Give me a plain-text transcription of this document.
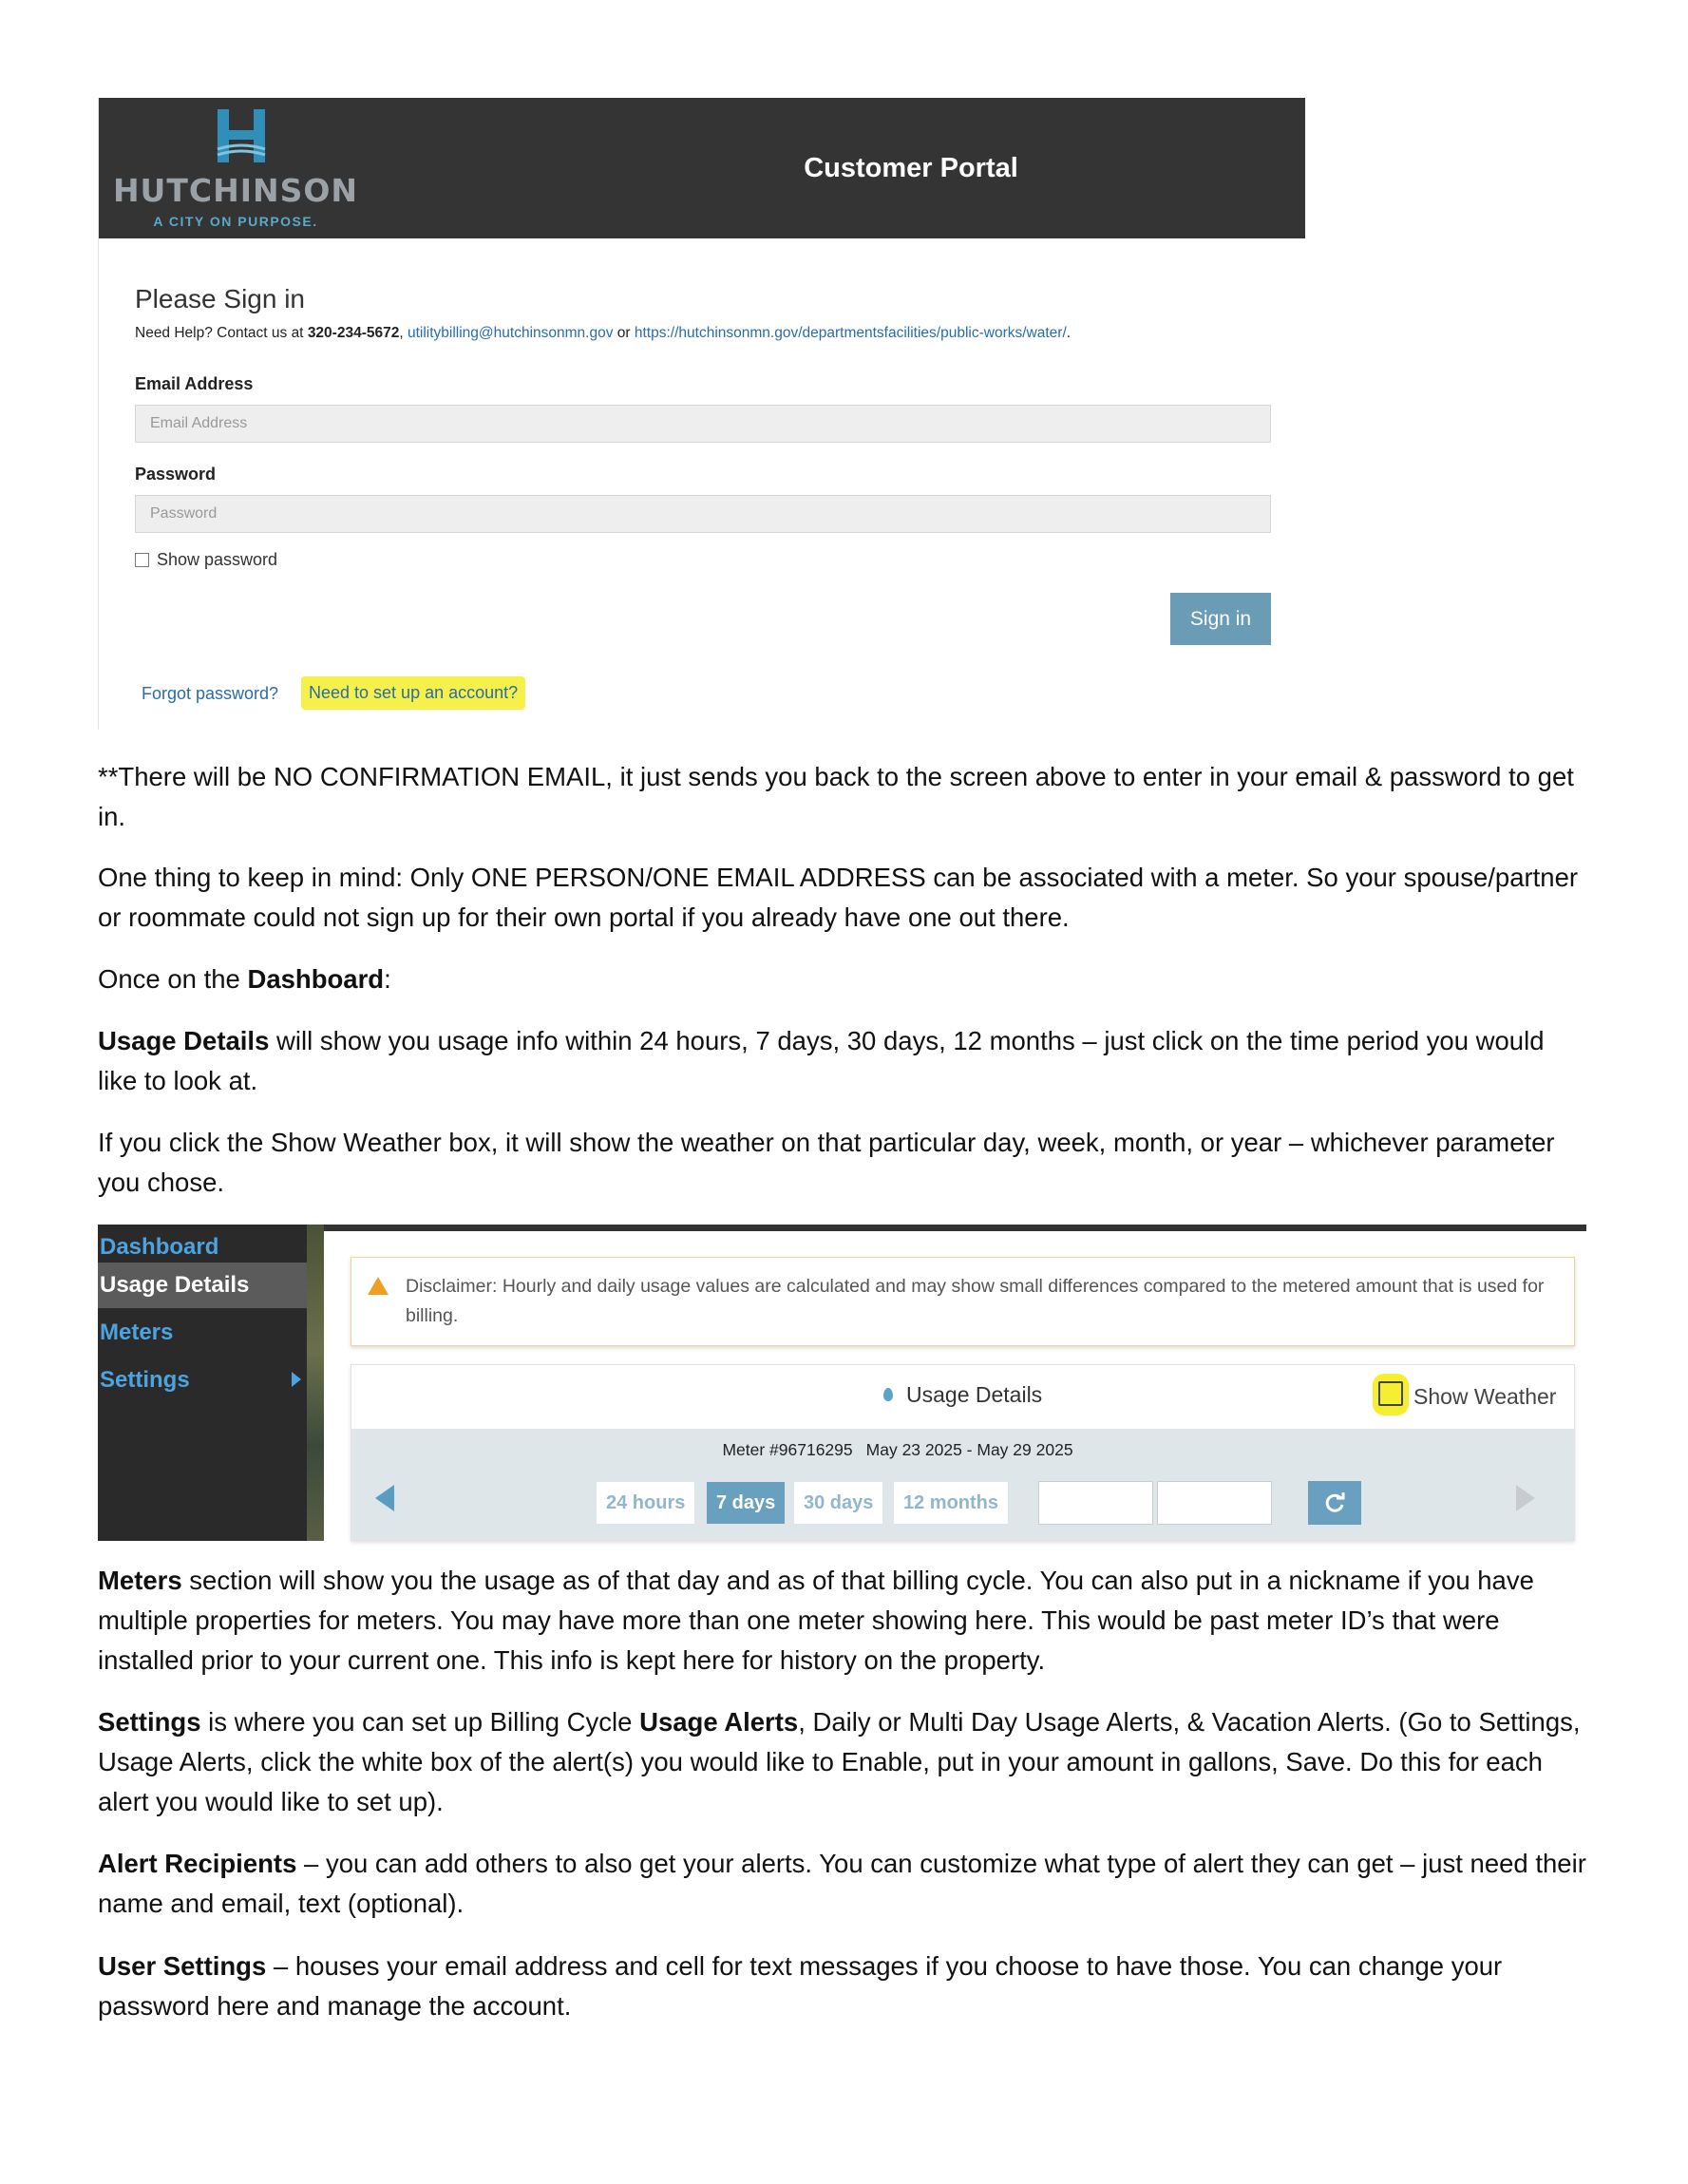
HUTCHINSON
A CITY ON PURPOSE.
Customer Portal
Please Sign in
Need Help? Contact us at 320-234-5672, utilitybilling@hutchinsonmn.gov or https://hutchinsonmn.gov/departmentsfacilities/public-works/water/.
Email Address
Email Address
Password
Password
Show password
Sign in
Forgot password?	Need to set up an account?

**There will be NO CONFIRMATION EMAIL, it just sends you back to the screen above to enter in your email & password to get in.

One thing to keep in mind: Only ONE PERSON/ONE EMAIL ADDRESS can be associated with a meter. So your spouse/partner or roommate could not sign up for their own portal if you already have one out there.

Once on the Dashboard:

Usage Details will show you usage info within 24 hours, 7 days, 30 days, 12 months – just click on the time period you would like to look at.

If you click the Show Weather box, it will show the weather on that particular day, week, month, or year – whichever parameter you chose.

Dashboard
Usage Details
Meters
Settings
Disclaimer: Hourly and daily usage values are calculated and may show small differences compared to the metered amount that is used for billing.
Usage Details	Show Weather
Meter #96716295 May 23 2025 - May 29 2025
24 hours	7 days	30 days	12 months

Meters section will show you the usage as of that day and as of that billing cycle. You can also put in a nickname if you have multiple properties for meters. You may have more than one meter showing here. This would be past meter ID’s that were installed prior to your current one. This info is kept here for history on the property.

Settings is where you can set up Billing Cycle Usage Alerts, Daily or Multi Day Usage Alerts, & Vacation Alerts. (Go to Settings, Usage Alerts, click the white box of the alert(s) you would like to Enable, put in your amount in gallons, Save. Do this for each alert you would like to set up).

Alert Recipients – you can add others to also get your alerts. You can customize what type of alert they can get – just need their name and email, text (optional).

User Settings – houses your email address and cell for text messages if you choose to have those. You can change your password here and manage the account.
